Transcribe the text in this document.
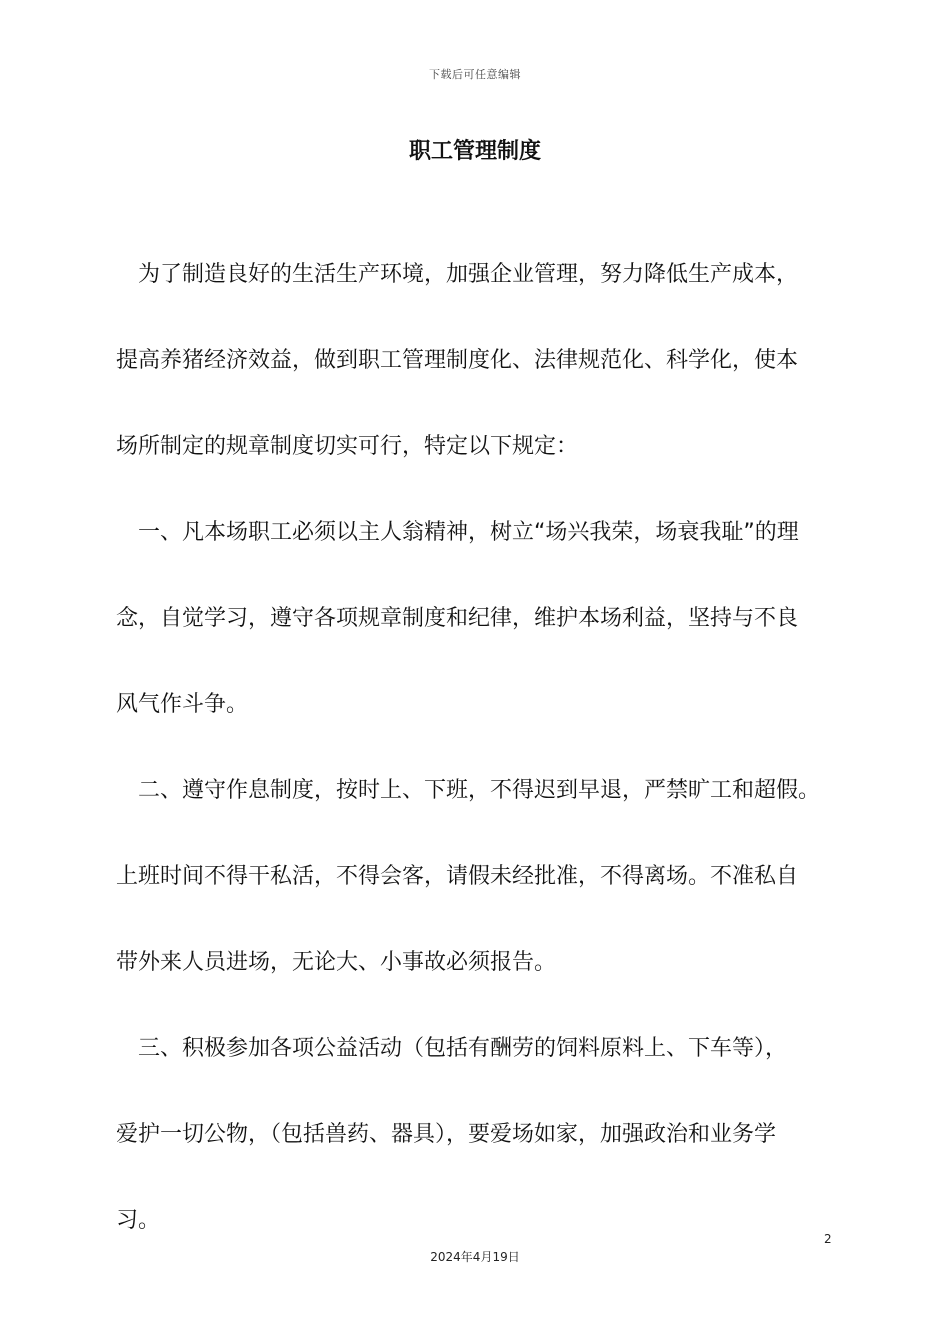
下载后可任意编辑
职工管理制度
为了制造良好的生活生产环境，加强企业管理，努力降低生产成本，
提高养猪经济效益，做到职工管理制度化、法律规范化、科学化，使本
场所制定的规章制度切实可行，特定以下规定：
一、凡本场职工必须以主人翁精神，树立“场兴我荣，场衰我耻”的理
念，自觉学习，遵守各项规章制度和纪律，维护本场利益，坚持与不良
风气作斗争。
二、遵守作息制度，按时上、下班，不得迟到早退，严禁旷工和超假。
上班时间不得干私活，不得会客，请假未经批准，不得离场。不准私自
带外来人员进场，无论大、小事故必须报告。
三、积极参加各项公益活动（包括有酬劳的饲料原料上、下车等），
爱护一切公物，（包括兽药、器具），要爱场如家，加强政治和业务学
习。
2
2024年4月19日
